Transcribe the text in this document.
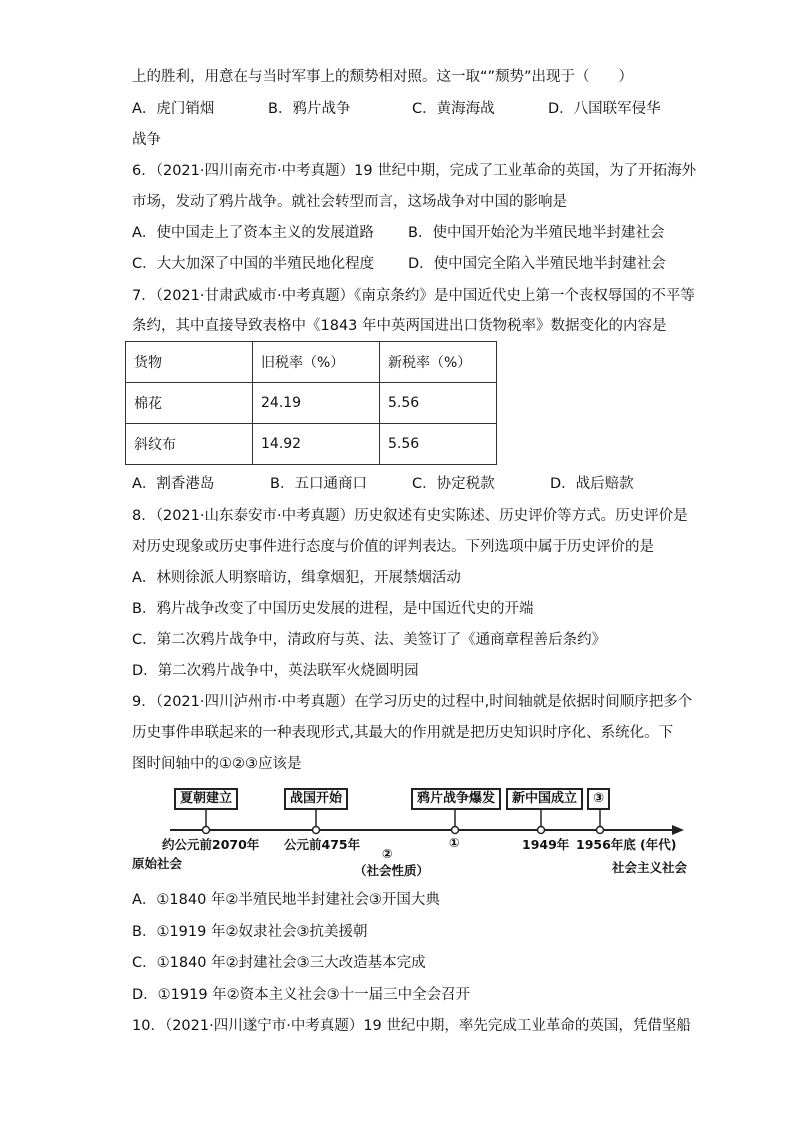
上的胜利，用意在与当时军事上的颓势相对照。这一取“”颓势”出现于（　　）
A．虎门销烟	B．鸦片战争	C．黄海海战	D．八国联军侵华
战争
6．（2021·四川南充市·中考真题）19 世纪中期，完成了工业革命的英国，为了开拓海外
市场，发动了鸦片战争。就社会转型而言，这场战争对中国的影响是
A．使中国走上了资本主义的发展道路 B．使中国开始沦为半殖民地半封建社会
C．大大加深了中国的半殖民地化程度 D．使中国完全陷入半殖民地半封建社会
7．（2021·甘肃武威市·中考真题）《南京条约》是中国近代史上第一个丧权辱国的不平等
条约，其中直接导致表格中《1843 年中英两国进出口货物税率》数据变化的内容是
货物	旧税率（%）	新税率（%）
棉花	24.19	5.56
斜纹布	14.92	5.56
A．割香港岛	B．五口通商口	C．协定税款	D．战后赔款
8．（2021·山东泰安市·中考真题）历史叙述有史实陈述、历史评价等方式。历史评价是
对历史现象或历史事件进行态度与价值的评判表达。下列选项中属于历史评价的是
A．林则徐派人明察暗访，缉拿烟犯，开展禁烟活动
B．鸦片战争改变了中国历史发展的进程，是中国近代史的开端
C．第二次鸦片战争中，清政府与英、法、美签订了《通商章程善后条约》
D．第二次鸦片战争中，英法联军火烧圆明园
9．（2021·四川泸州市·中考真题）在学习历史的过程中,时间轴就是依据时间顺序把多个
历史事件串联起来的一种表现形式,其最大的作用就是把历史知识时序化、系统化。下
图时间轴中的①②③应该是
夏朝建立	战国开始	鸦片战争爆发	新中国成立	③
约公元前2070年 公元前475年	①	1949年 1956年底 (年代)
原始社会
②
（社会性质）	社会主义社会
A．①1840 年②半殖民地半封建社会③开国大典
B．①1919 年②奴隶社会③抗美援朝
C．①1840 年②封建社会③三大改造基本完成
D．①1919 年②资本主义社会③十一届三中全会召开
10．（2021·四川遂宁市·中考真题）19 世纪中期，率先完成工业革命的英国，凭借坚船
